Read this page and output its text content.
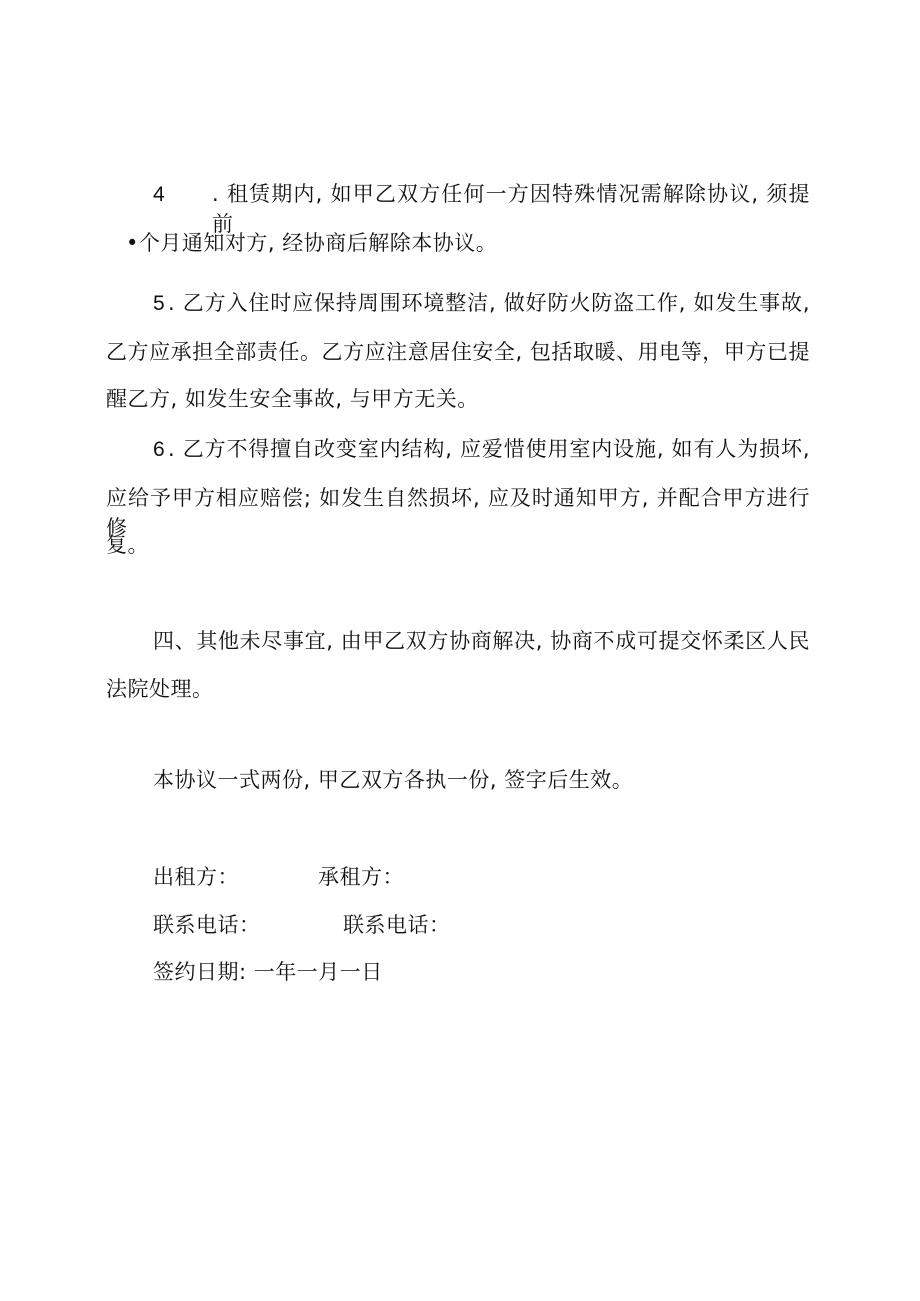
4 . 租赁期内, 如甲乙双方任何一方因特殊情况需解除协议, 须提前
•个月通知对方, 经协商后解除本协议。
5 . 乙方入住时应保持周围环境整洁, 做好防火防盗工作, 如发生事故,
乙方应承担全部责任。乙方应注意居住安全, 包括取暖、用电等，甲方已提
醒乙方, 如发生安全事故, 与甲方无关。
6 . 乙方不得擅自改变室内结构, 应爱惜使用室内设施, 如有人为损坏,
应给予甲方相应赔偿; 如发生自然损坏, 应及时通知甲方, 并配合甲方进行修
复。
四、其他未尽事宜, 由甲乙双方协商解决, 协商不成可提交怀柔区人民
法院处理。
本协议一式两份, 甲乙双方各执一份, 签字后生效。
出租方：	承租方：
联系电话：	联系电话：
签约日期: 一年一月一日
